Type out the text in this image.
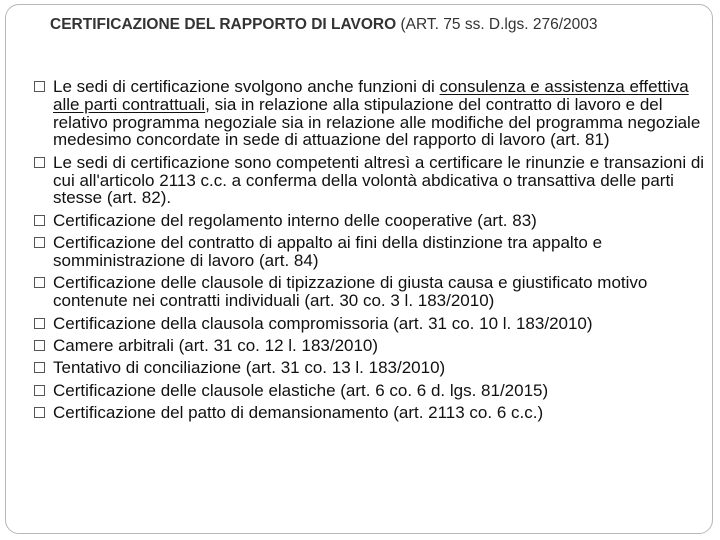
CERTIFICAZIONE DEL RAPPORTO DI LAVORO (ART. 75 ss. D.lgs. 276/2003
Le sedi di certificazione svolgono anche funzioni di consulenza e assistenza effettiva alle parti contrattuali, sia in relazione alla stipulazione del contratto di lavoro e del relativo programma negoziale sia in relazione alle modifiche del programma negoziale medesimo concordate in sede di attuazione del rapporto di lavoro (art. 81)
Le sedi di certificazione sono competenti altresì a certificare le rinunzie e transazioni di cui all'articolo 2113 c.c. a conferma della volontà abdicativa o transattiva delle parti stesse (art. 82).
Certificazione del regolamento interno delle cooperative (art. 83)
Certificazione del contratto di appalto ai fini della distinzione tra appalto e somministrazione di lavoro (art. 84)
Certificazione delle clausole di tipizzazione di giusta causa e giustificato motivo contenute nei contratti individuali (art. 30 co. 3 l. 183/2010)
Certificazione della clausola compromissoria (art. 31 co. 10 l. 183/2010)
Camere arbitrali (art. 31 co. 12 l. 183/2010)
Tentativo di conciliazione (art. 31 co. 13 l. 183/2010)
Certificazione delle clausole elastiche (art. 6 co. 6 d. lgs. 81/2015)
Certificazione del patto di demansionamento (art. 2113 co. 6 c.c.)
